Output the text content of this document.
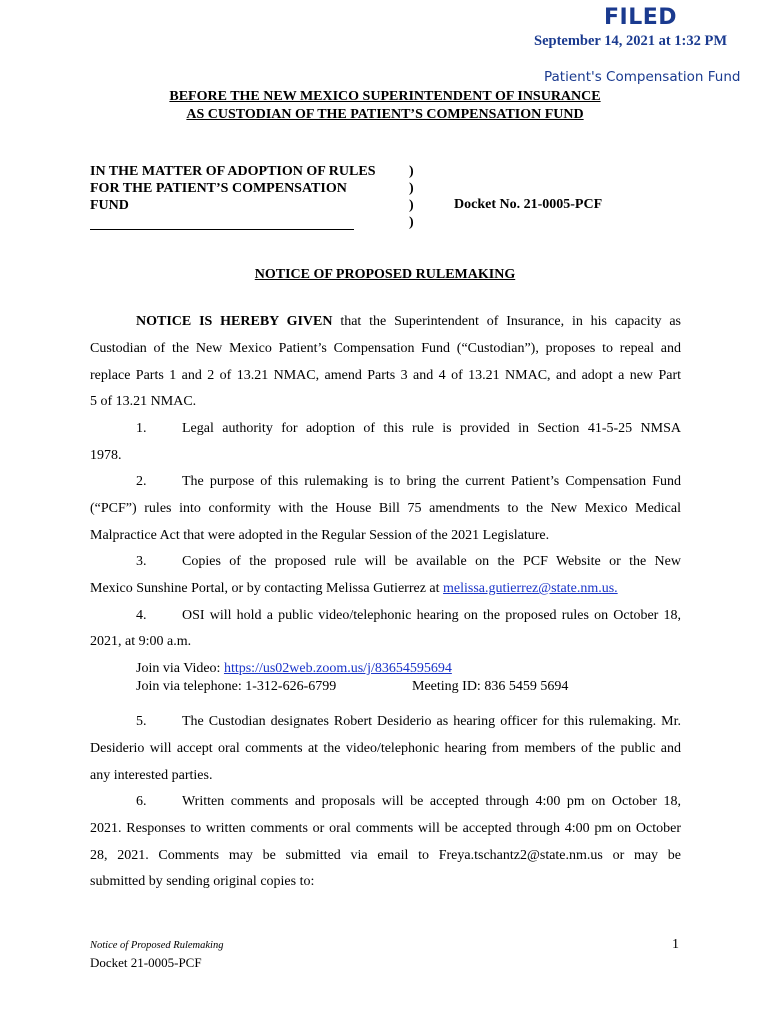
FILED
September 14, 2021 at 1:32 PM
Patient's Compensation Fund
BEFORE THE NEW MEXICO SUPERINTENDENT OF INSURANCE
AS CUSTODIAN OF THE PATIENT’S COMPENSATION FUND
IN THE MATTER OF ADOPTION OF RULES
FOR THE PATIENT’S COMPENSATION
FUND
)
)
)
)
Docket No. 21-0005-PCF
NOTICE OF PROPOSED RULEMAKING
NOTICE IS HEREBY GIVEN that the Superintendent of Insurance, in his capacity as
Custodian of the New Mexico Patient’s Compensation Fund (“Custodian”), proposes to repeal and
replace Parts 1 and 2 of 13.21 NMAC, amend Parts 3 and 4 of 13.21 NMAC, and adopt a new Part
5 of 13.21 NMAC.
1.	Legal authority for adoption of this rule is provided in Section 41-5-25 NMSA
1978.
2.	The purpose of this rulemaking is to bring the current Patient’s Compensation Fund
(“PCF”) rules into conformity with the House Bill 75 amendments to the New Mexico Medical
Malpractice Act that were adopted in the Regular Session of the 2021 Legislature.
3.	Copies of the proposed rule will be available on the PCF Website or the New
Mexico Sunshine Portal, or by contacting Melissa Gutierrez at melissa.gutierrez@state.nm.us.
4.	OSI will hold a public video/telephonic hearing on the proposed rules on October 18,
2021, at 9:00 a.m.
Join via Video: https://us02web.zoom.us/j/83654595694
Join via telephone: 1-312-626-6799	Meeting ID: 836 5459 5694
5.	The Custodian designates Robert Desiderio as hearing officer for this rulemaking. Mr.
Desiderio will accept oral comments at the video/telephonic hearing from members of the public and
any interested parties.
6.	Written comments and proposals will be accepted through 4:00 pm on October 18,
2021. Responses to written comments or oral comments will be accepted through 4:00 pm on October
28, 2021. Comments may be submitted via email to Freya.tschantz2@state.nm.us or may be
submitted by sending original copies to:
Notice of Proposed Rulemaking
Docket 21-0005-PCF
1
